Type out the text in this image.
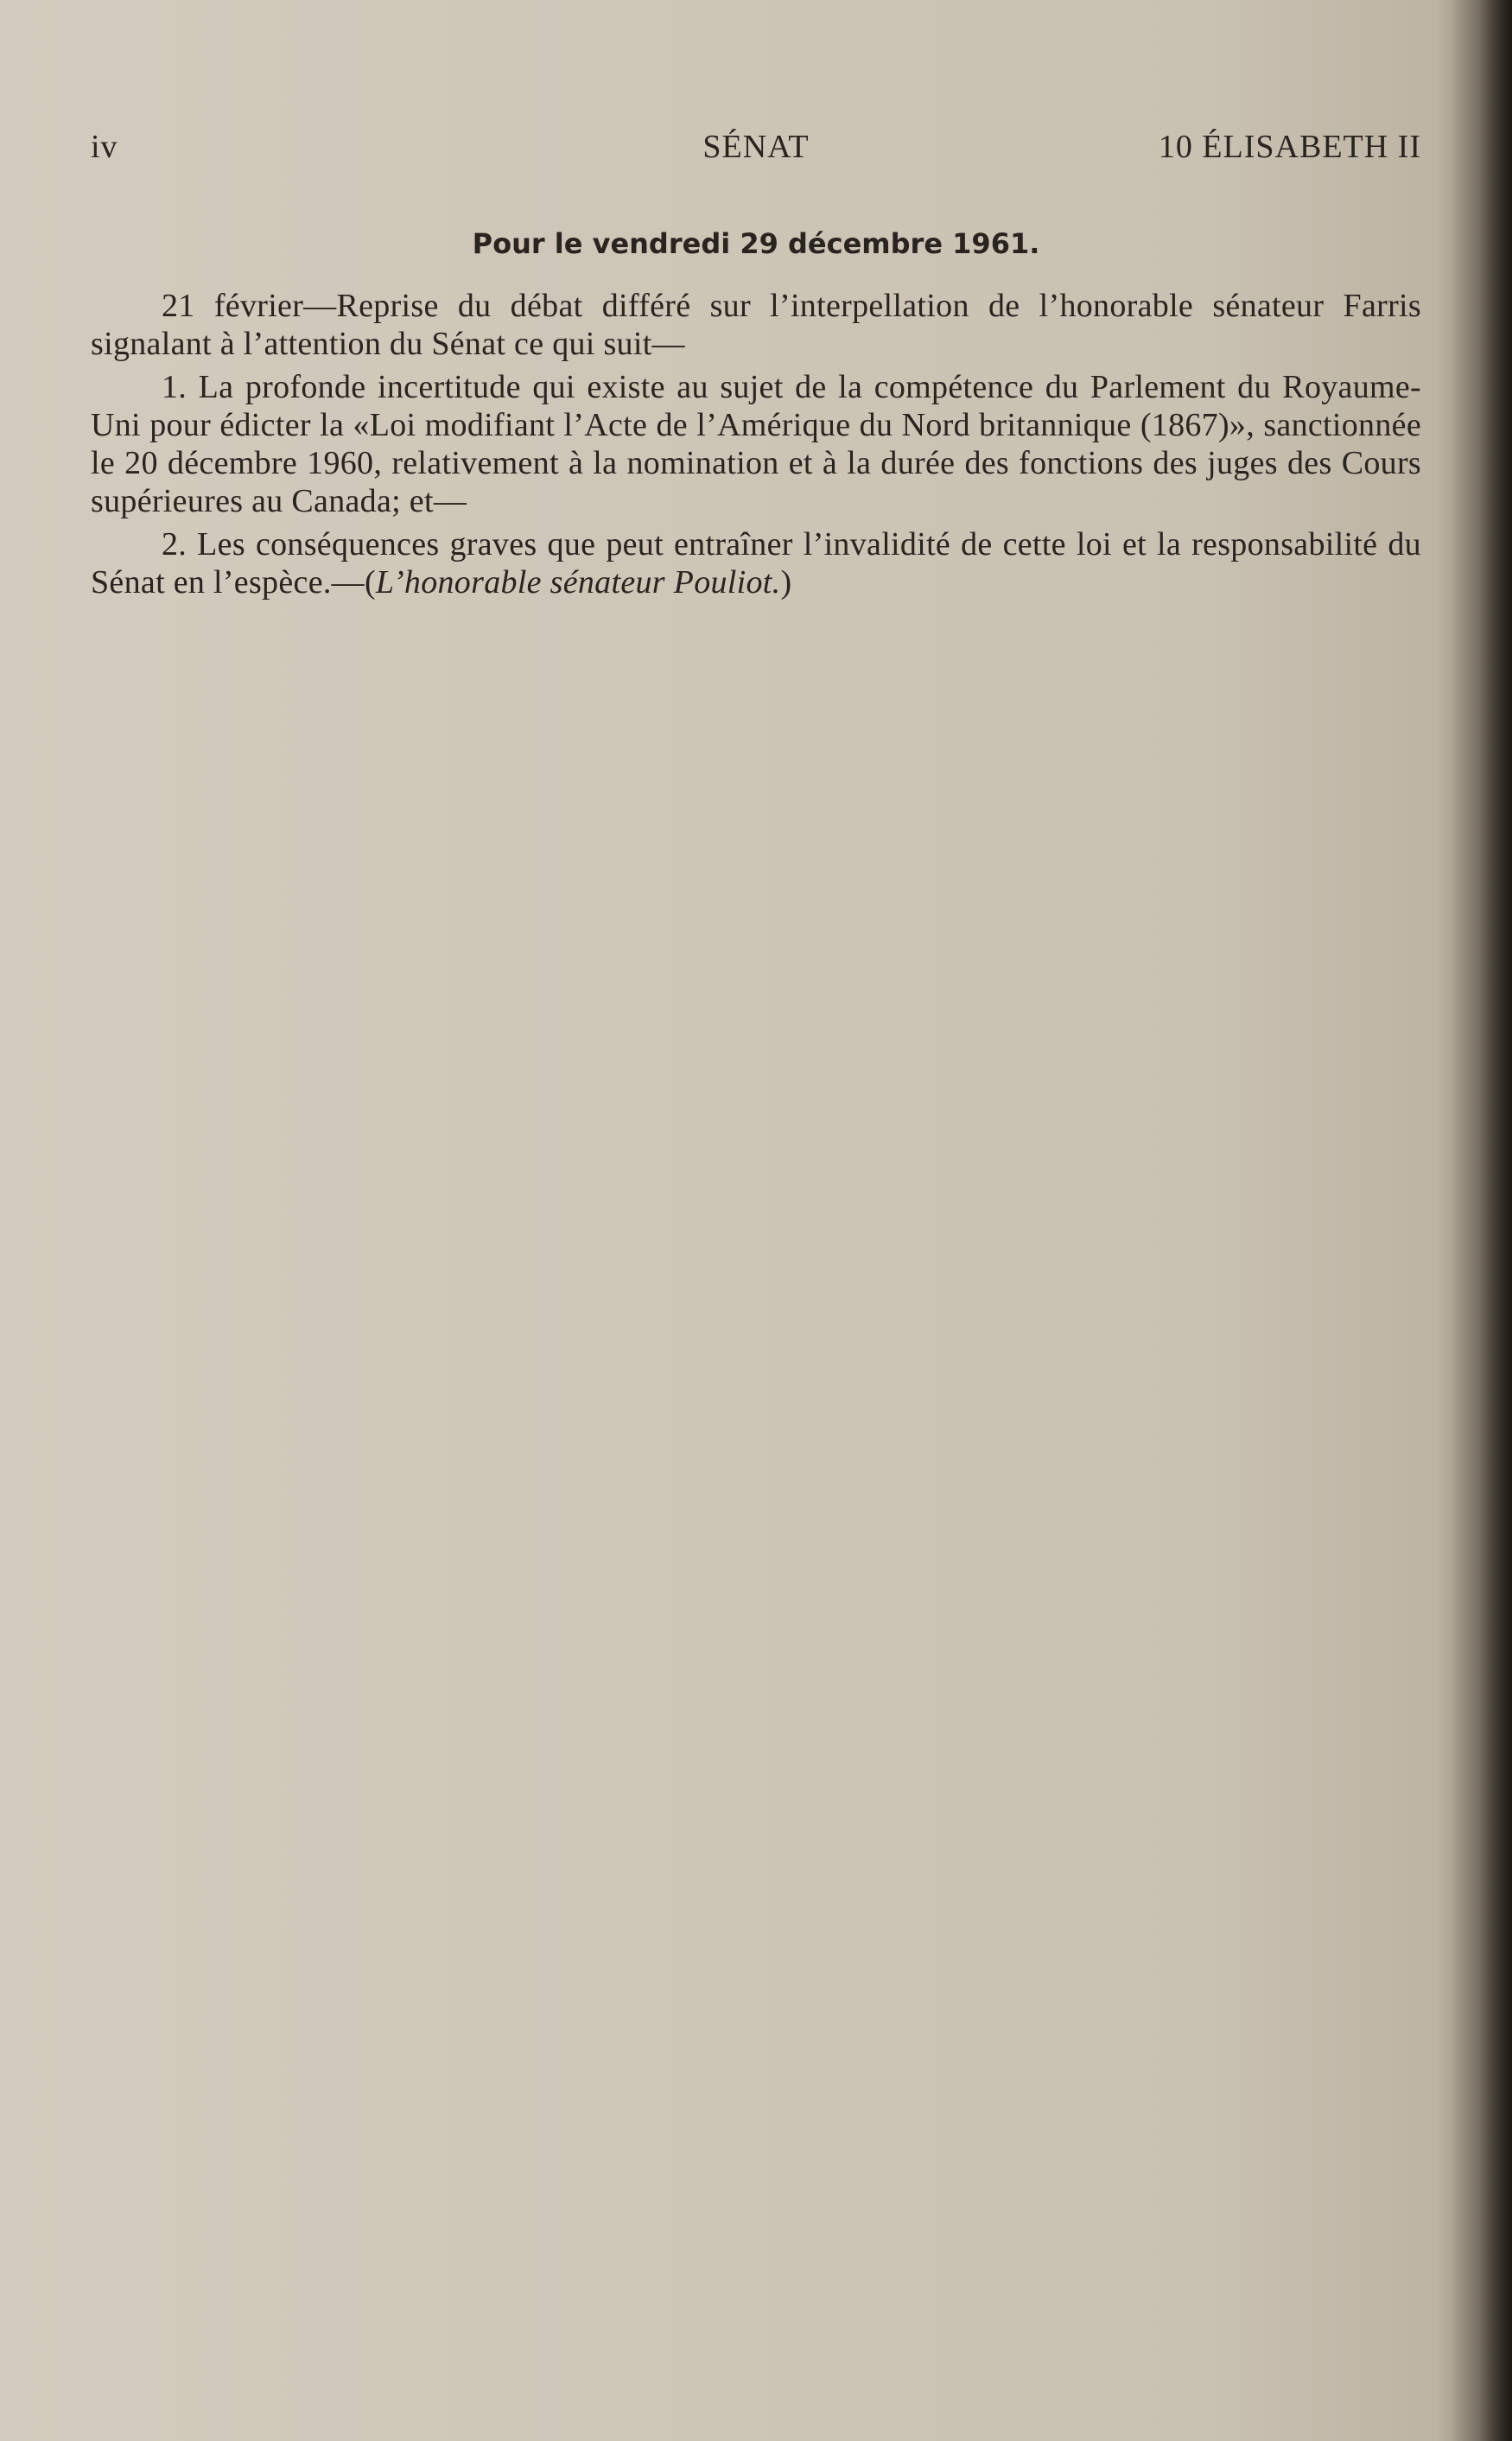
iv	SÉNAT	10 ÉLISABETH II
Pour le vendredi 29 décembre 1961.

21 février—Reprise du débat différé sur l’interpellation de l’honorable sénateur Farris signalant à l’attention du Sénat ce qui suit—

1. La profonde incertitude qui existe au sujet de la compétence du Parlement du Royaume-Uni pour édicter la «Loi modifiant l’Acte de l’Amérique du Nord britannique (1867)», sanctionnée le 20 décembre 1960, relativement à la nomination et à la durée des fonctions des juges des Cours supérieures au Canada; et—

2. Les conséquences graves que peut entraîner l’invalidité de cette loi et la responsabilité du Sénat en l’espèce.—(L’honorable sénateur Pouliot.)
